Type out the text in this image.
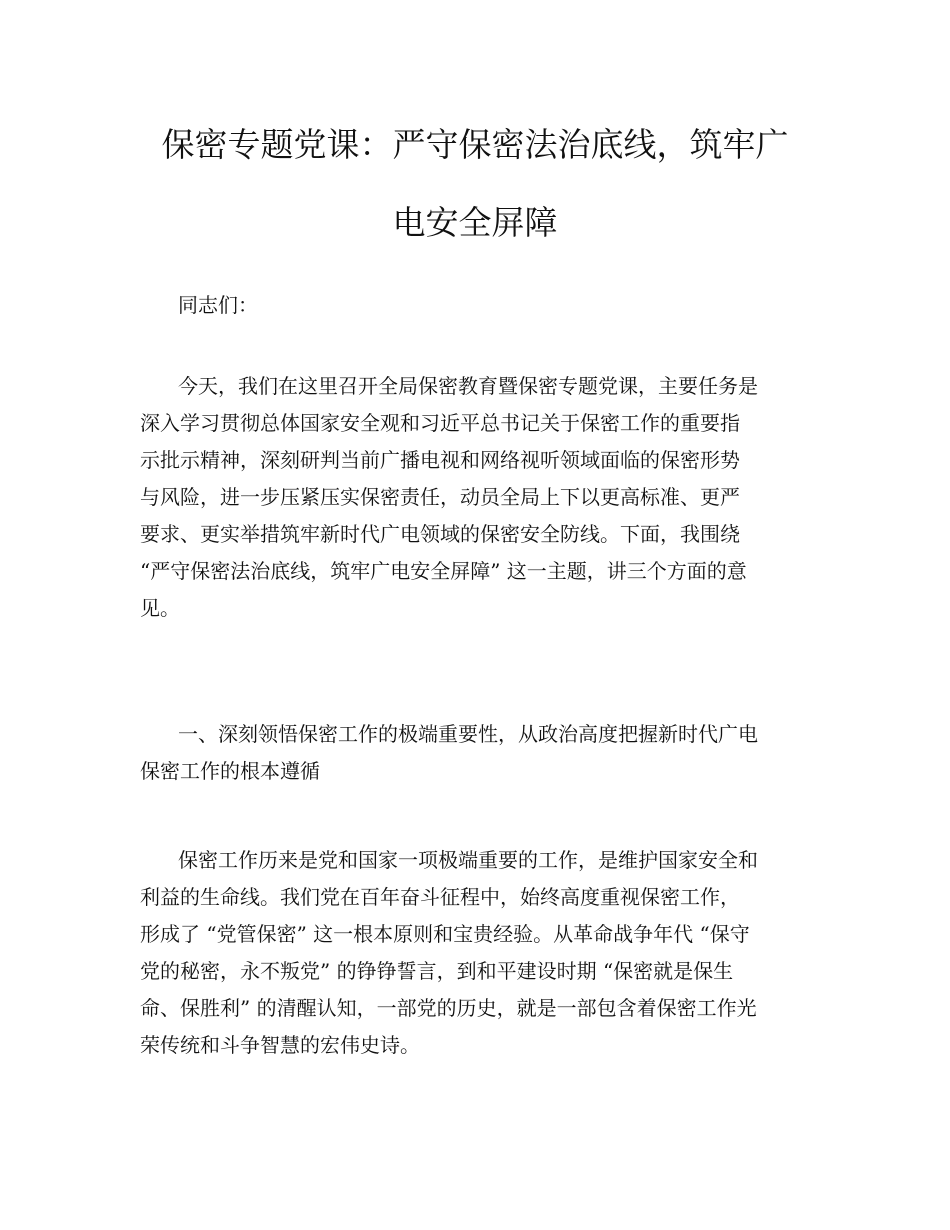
保密专题党课：严守保密法治底线，筑牢广
电安全屏障

同志们：

今天，我们在这里召开全局保密教育暨保密专题党课，主要任务是
深入学习贯彻总体国家安全观和习近平总书记关于保密工作的重要指
示批示精神，深刻研判当前广播电视和网络视听领域面临的保密形势
与风险，进一步压紧压实保密责任，动员全局上下以更高标准、更严
要求、更实举措筑牢新时代广电领域的保密安全防线。下面，我围绕
“严守保密法治底线，筑牢广电安全屏障” 这一主题，讲三个方面的意
见。

一、深刻领悟保密工作的极端重要性，从政治高度把握新时代广电
保密工作的根本遵循

保密工作历来是党和国家一项极端重要的工作，是维护国家安全和
利益的生命线。我们党在百年奋斗征程中，始终高度重视保密工作，
形成了 “党管保密” 这一根本原则和宝贵经验。从革命战争年代 “保守
党的秘密，永不叛党” 的铮铮誓言，到和平建设时期 “保密就是保生
命、保胜利” 的清醒认知，一部党的历史，就是一部包含着保密工作光
荣传统和斗争智慧的宏伟史诗。
